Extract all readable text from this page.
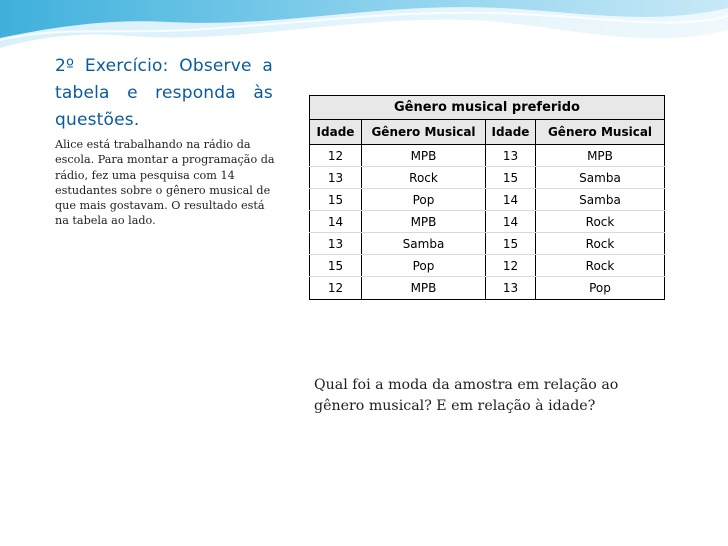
2º Exercício: Observe a tabela e responda às questões.
Alice está trabalhando na rádio da escola. Para montar a programação da rádio, fez uma pesquisa com 14 estudantes sobre o gênero musical de que mais gostavam. O resultado está na tabela ao lado.
Gênero musical preferido			
Idade	Gênero Musical	Idade	Gênero Musical
12	MPB	13	MPB
13	Rock	15	Samba
15	Pop	14	Samba
14	MPB	14	Rock
13	Samba	15	Rock
15	Pop	12	Rock
12	MPB	13	Pop
Qual foi a moda da amostra em relação ao gênero musical? E em relação à idade?
